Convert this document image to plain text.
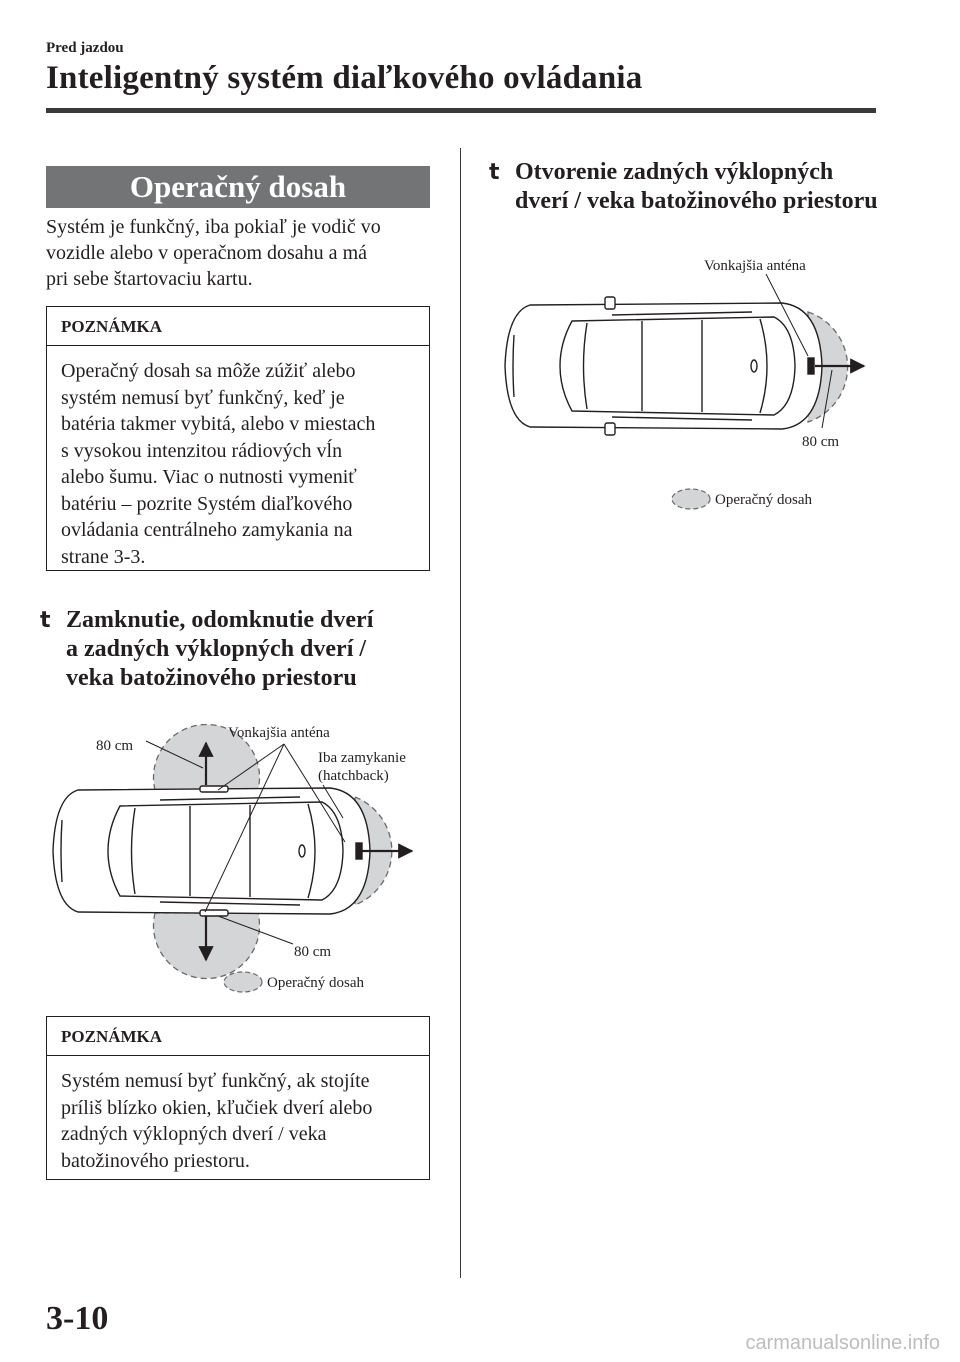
Pred jazdou
Inteligentný systém diaľkového ovládania
Operačný dosah
Systém je funkčný, iba pokiaľ je vodič vo
vozidle alebo v operačnom dosahu a má
pri sebe štartovaciu kartu.
POZNÁMKA
Operačný dosah sa môže zúžiť alebo
systém nemusí byť funkčný, keď je
batéria takmer vybitá, alebo v miestach
s vysokou intenzitou rádiových vĺn
alebo šumu. Viac o nutnosti vymeniť
batériu – pozrite Systém diaľkového
ovládania centrálneho zamykania na
strane 3-3.
t Zamknutie, odomknutie dverí
a zadných výklopných dverí /
veka batožinového priestoru
POZNÁMKA
Systém nemusí byť funkčný, ak stojíte
príliš blízko okien, kľučiek dverí alebo
zadných výklopných dverí / veka
batožinového priestoru.
t Otvorenie zadných výklopných
dverí / veka batožinového priestoru
80 cm
Vonkajšia anténa
Iba zamykanie
(hatchback)
80 cm
Operačný dosah
Vonkajšia anténa
80 cm
Operačný dosah
3-10
carmanualsonline.info
